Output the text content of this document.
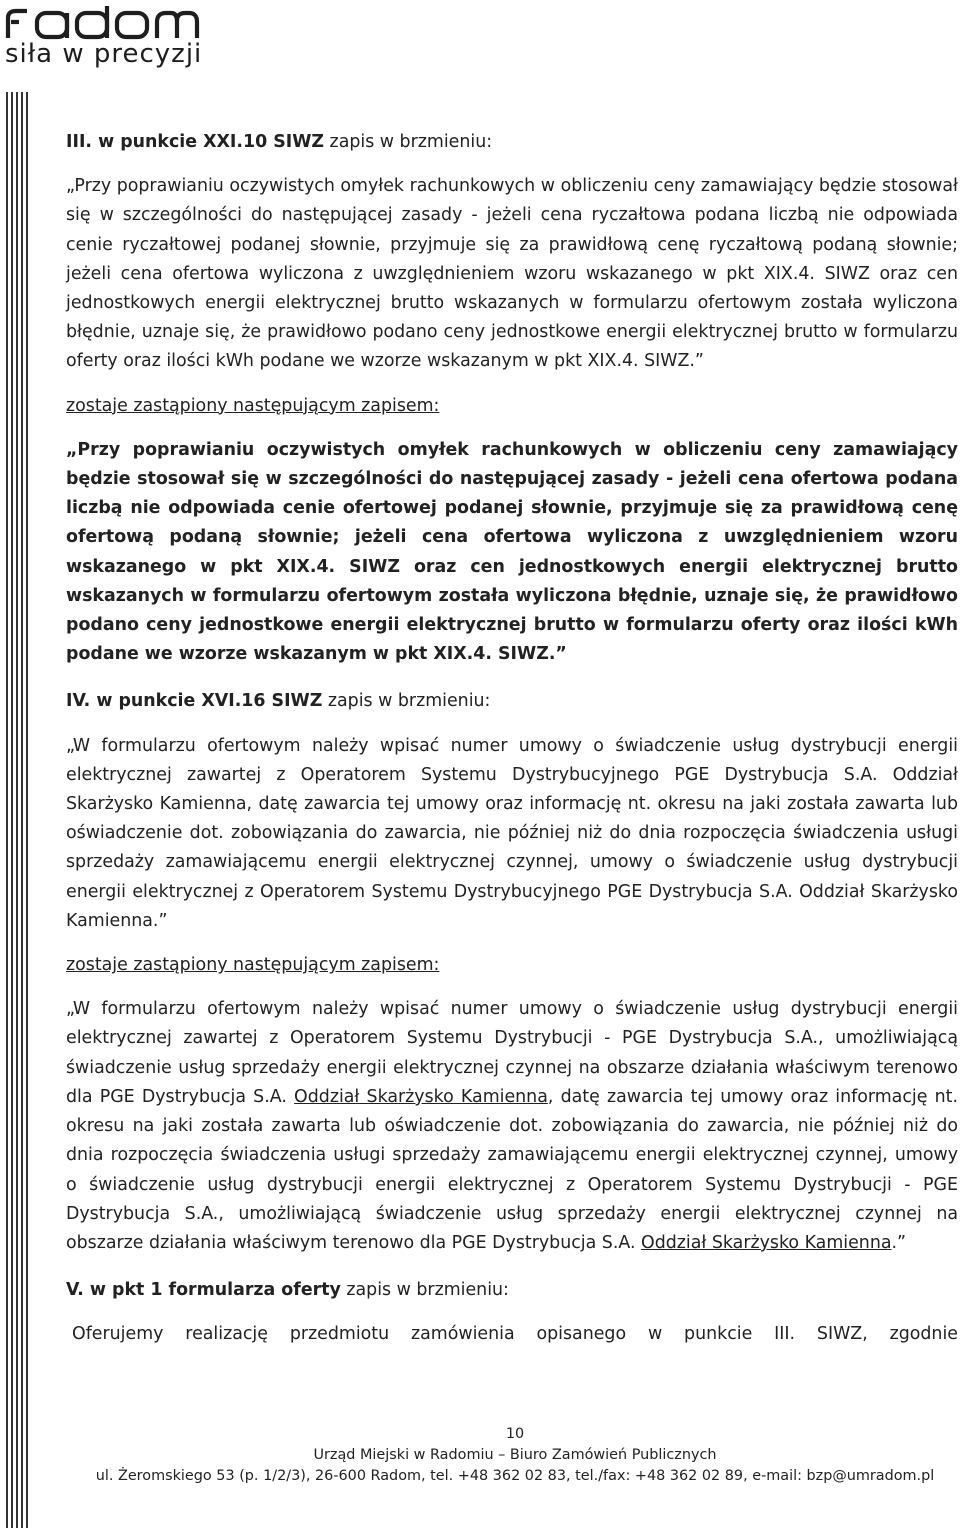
siła w precyzji

III. w punkcie XXI.10 SIWZ zapis w brzmieniu:

„Przy poprawianiu oczywistych omyłek rachunkowych w obliczeniu ceny zamawiający będzie stosował się w szczególności do następującej zasady - jeżeli cena ryczałtowa podana liczbą nie odpowiada cenie ryczałtowej podanej słownie, przyjmuje się za prawidłową cenę ryczałtową podaną słownie; jeżeli cena ofertowa wyliczona z uwzględnieniem wzoru wskazanego w pkt XIX.4. SIWZ oraz cen jednostkowych energii elektrycznej brutto wskazanych w formularzu ofertowym została wyliczona błędnie, uznaje się, że prawidłowo podano ceny jednostkowe energii elektrycznej brutto w formularzu oferty oraz ilości kWh podane we wzorze wskazanym w pkt XIX.4. SIWZ.”

zostaje zastąpiony następującym zapisem:

„Przy poprawianiu oczywistych omyłek rachunkowych w obliczeniu ceny zamawiający będzie stosował się w szczególności do następującej zasady - jeżeli cena ofertowa podana liczbą nie odpowiada cenie ofertowej podanej słownie, przyjmuje się za prawidłową cenę ofertową podaną słownie; jeżeli cena ofertowa wyliczona z uwzględnieniem wzoru wskazanego w pkt XIX.4. SIWZ oraz cen jednostkowych energii elektrycznej brutto wskazanych w formularzu ofertowym została wyliczona błędnie, uznaje się, że prawidłowo podano ceny jednostkowe energii elektrycznej brutto w formularzu oferty oraz ilości kWh podane we wzorze wskazanym w pkt XIX.4. SIWZ.”

IV. w punkcie XVI.16 SIWZ zapis w brzmieniu:

„W formularzu ofertowym należy wpisać numer umowy o świadczenie usług dystrybucji energii elektrycznej zawartej z Operatorem Systemu Dystrybucyjnego PGE Dystrybucja S.A. Oddział Skarżysko Kamienna, datę zawarcia tej umowy oraz informację nt. okresu na jaki została zawarta lub oświadczenie dot. zobowiązania do zawarcia, nie później niż do dnia rozpoczęcia świadczenia usługi sprzedaży zamawiającemu energii elektrycznej czynnej, umowy o świadczenie usług dystrybucji energii elektrycznej z Operatorem Systemu Dystrybucyjnego PGE Dystrybucja S.A. Oddział Skarżysko Kamienna.”

zostaje zastąpiony następującym zapisem:

„W formularzu ofertowym należy wpisać numer umowy o świadczenie usług dystrybucji energii elektrycznej zawartej z Operatorem Systemu Dystrybucji - PGE Dystrybucja S.A., umożliwiającą świadczenie usług sprzedaży energii elektrycznej czynnej na obszarze działania właściwym terenowo dla PGE Dystrybucja S.A. Oddział Skarżysko Kamienna, datę zawarcia tej umowy oraz informację nt. okresu na jaki została zawarta lub oświadczenie dot. zobowiązania do zawarcia, nie później niż do dnia rozpoczęcia świadczenia usługi sprzedaży zamawiającemu energii elektrycznej czynnej, umowy o świadczenie usług dystrybucji energii elektrycznej z Operatorem Systemu Dystrybucji - PGE Dystrybucja S.A., umożliwiającą świadczenie usług sprzedaży energii elektrycznej czynnej na obszarze działania właściwym terenowo dla PGE Dystrybucja S.A. Oddział Skarżysko Kamienna.”

V. w pkt 1 formularza oferty zapis w brzmieniu:

Oferujemy realizację przedmiotu zamówienia opisanego w punkcie III. SIWZ, zgodnie

10
Urząd Miejski w Radomiu – Biuro Zamówień Publicznych
ul. Żeromskiego 53 (p. 1/2/3), 26-600 Radom, tel. +48 362 02 83, tel./fax: +48 362 02 89, e-mail: bzp@umradom.pl
